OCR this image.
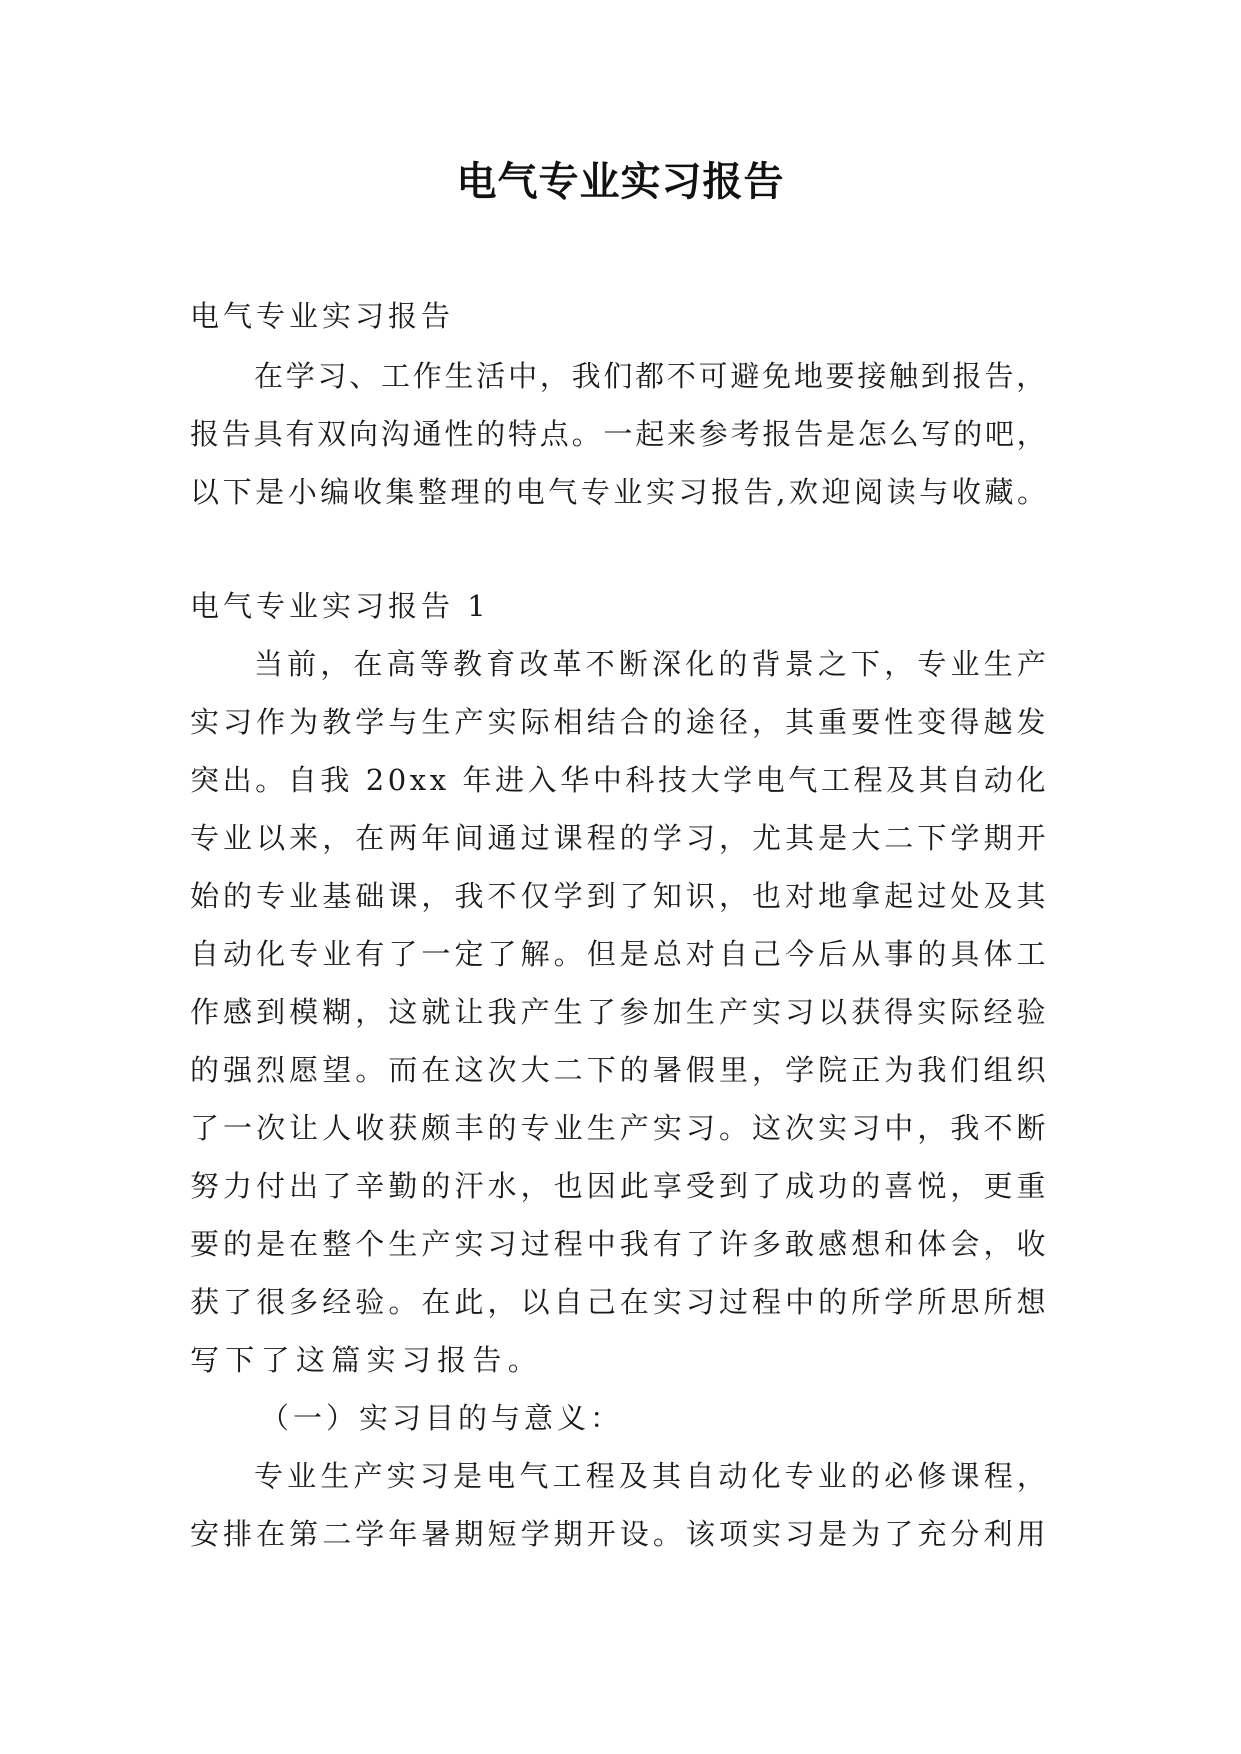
电气专业实习报告
电气专业实习报告
在学习、工作生活中，我们都不可避免地要接触到报告，
报告具有双向沟通性的特点。一起来参考报告是怎么写的吧，
以下是小编收集整理的电气专业实习报告,欢迎阅读与收藏。
电气专业实习报告 1
当前，在高等教育改革不断深化的背景之下，专业生产
实习作为教学与生产实际相结合的途径，其重要性变得越发
突出。自我 20xx 年进入华中科技大学电气工程及其自动化
专业以来，在两年间通过课程的学习，尤其是大二下学期开
始的专业基础课，我不仅学到了知识，也对地拿起过处及其
自动化专业有了一定了解。但是总对自己今后从事的具体工
作感到模糊，这就让我产生了参加生产实习以获得实际经验
的强烈愿望。而在这次大二下的暑假里，学院正为我们组织
了一次让人收获颇丰的专业生产实习。这次实习中，我不断
努力付出了辛勤的汗水，也因此享受到了成功的喜悦，更重
要的是在整个生产实习过程中我有了许多敢感想和体会，收
获了很多经验。在此，以自己在实习过程中的所学所思所想
写下了这篇实习报告。
（一）实习目的与意义：
专业生产实习是电气工程及其自动化专业的必修课程，
安排在第二学年暑期短学期开设。该项实习是为了充分利用
